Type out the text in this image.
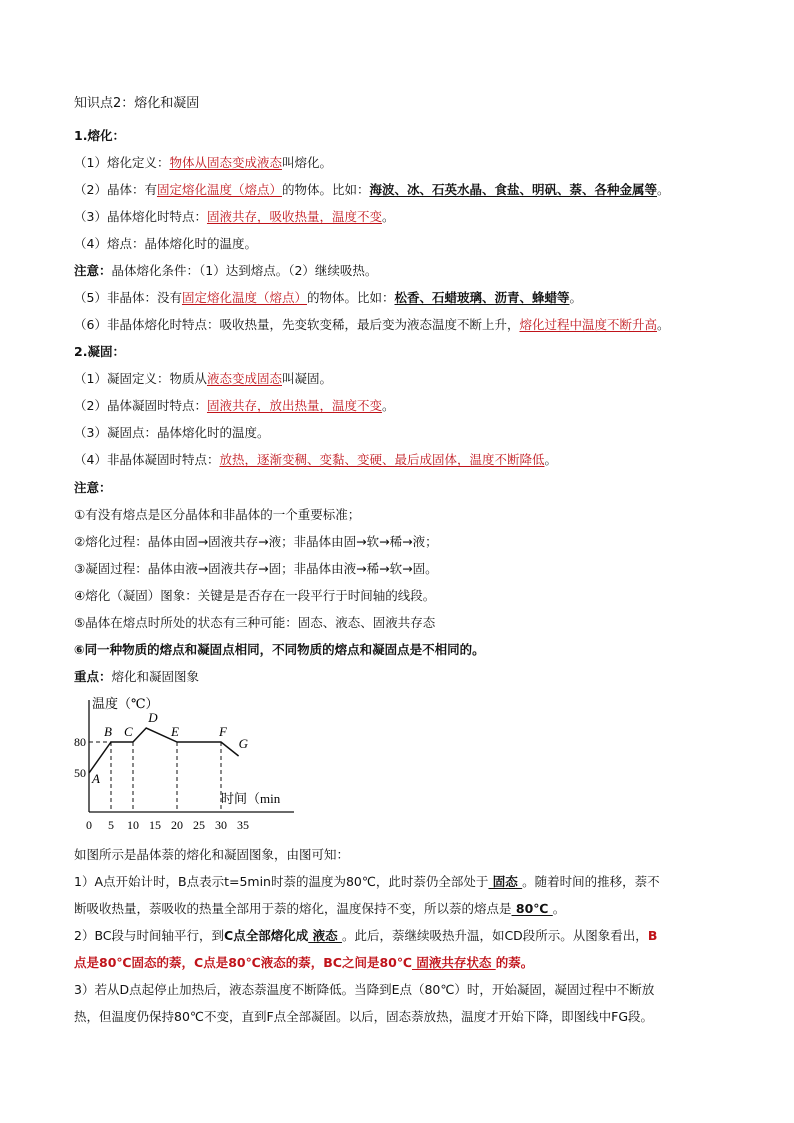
知识点2：熔化和凝固
1.熔化：
（1）熔化定义：物体从固态变成液态叫熔化。
（2）晶体：有固定熔化温度（熔点）的物体。比如：海波、冰、石英水晶、食盐、明矾、萘、各种金属等。
（3）晶体熔化时特点：固液共存，吸收热量，温度不变。
（4）熔点：晶体熔化时的温度。
注意：晶体熔化条件：（1）达到熔点。（2）继续吸热。
（5）非晶体：没有固定熔化温度（熔点）的物体。比如：松香、石蜡玻璃、沥青、蜂蜡等。
（6）非晶体熔化时特点：吸收热量，先变软变稀，最后变为液态温度不断上升，熔化过程中温度不断升高。
2.凝固：
（1）凝固定义：物质从液态变成固态叫凝固。
（2）晶体凝固时特点：固液共存，放出热量，温度不变。
（3）凝固点：晶体熔化时的温度。
（4）非晶体凝固时特点：放热，逐渐变稠、变黏、变硬、最后成固体，温度不断降低。
注意：
①有没有熔点是区分晶体和非晶体的一个重要标准；
②熔化过程：晶体由固→固液共存→液；非晶体由固→软→稀→液；
③凝固过程：晶体由液→固液共存→固；非晶体由液→稀→软→固。
④熔化（凝固）图象：关键是是否存在一段平行于时间轴的线段。
⑤晶体在熔点时所处的状态有三种可能：固态、液态、固液共存态
⑥同一种物质的熔点和凝固点相同，不同物质的熔点和凝固点是不相同的。
重点：熔化和凝固图象
0 5 10 15 20 25 30 35
50
80
A
B C
D
E	F
G
温度（℃）
时间（min
如图所示是晶体萘的熔化和凝固图象，由图可知：
1）A点开始计时，B点表示t=5min时萘的温度为80℃，此时萘仍全部处于 固态 。随着时间的推移，萘不
断吸收热量，萘吸收的热量全部用于萘的熔化，温度保持不变，所以萘的熔点是 80℃ 。
2）BC段与时间轴平行，到C点全部熔化成 液态 。此后，萘继续吸热升温，如CD段所示。从图象看出，B
点是80℃固态的萘，C点是80℃液态的萘，BC之间是80℃ 固液共存状态 的萘。
3）若从D点起停止加热后，液态萘温度不断降低。当降到E点（80℃）时，开始凝固，凝固过程中不断放
热，但温度仍保持80℃不变，直到F点全部凝固。以后，固态萘放热，温度才开始下降，即图线中FG段。
